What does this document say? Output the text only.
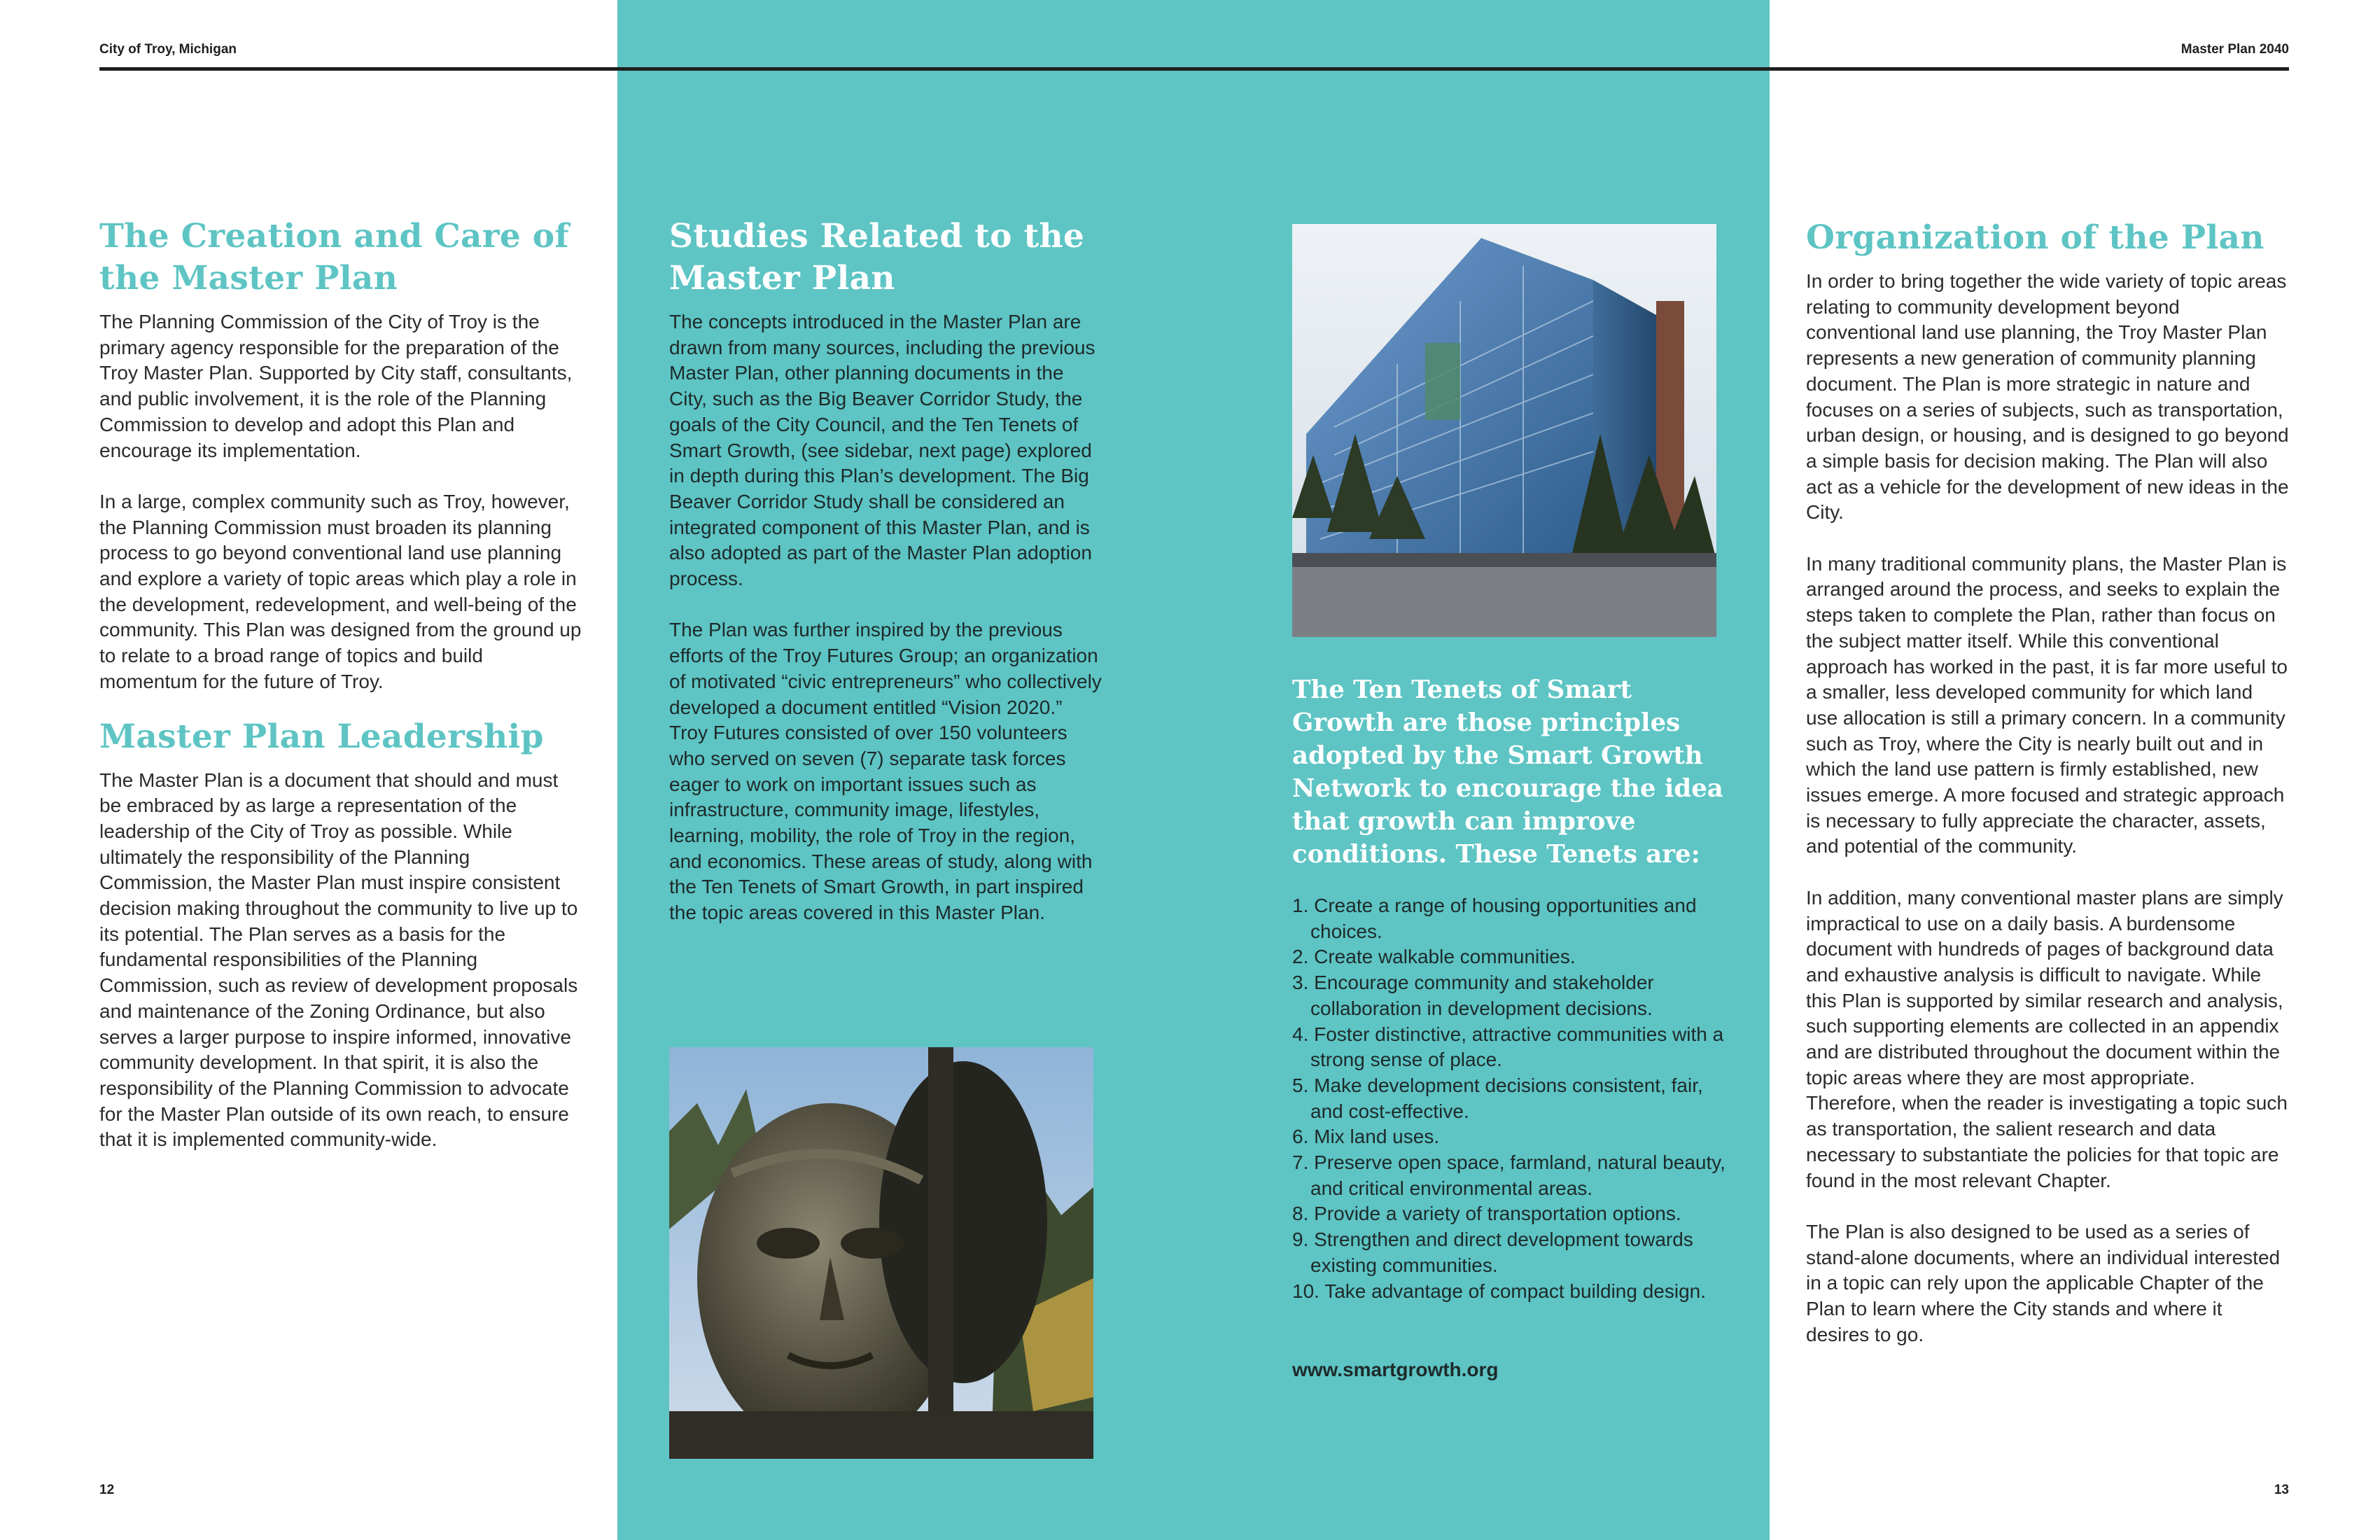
City of Troy, Michigan	Master Plan 2040
The Creation and Care of the Master Plan

The Planning Commission of the City of Troy is the primary agency responsible for the preparation of the Troy Master Plan. Supported by City staff, consultants, and public involvement, it is the role of the Planning Commission to develop and adopt this Plan and encourage its implementation.

In a large, complex community such as Troy, however, the Planning Commission must broaden its planning process to go beyond conventional land use planning and explore a variety of topic areas which play a role in the development, redevelopment, and well-being of the community. This Plan was designed from the ground up to relate to a broad range of topics and build momentum for the future of Troy.

Master Plan Leadership

The Master Plan is a document that should and must be embraced by as large a representation of the leadership of the City of Troy as possible. While ultimately the responsibility of the Planning Commission, the Master Plan must inspire consistent decision making throughout the community to live up to its potential. The Plan serves as a basis for the fundamental responsibilities of the Planning Commission, such as review of development proposals and maintenance of the Zoning Ordinance, but also serves a larger purpose to inspire informed, innovative community development. In that spirit, it is also the responsibility of the Planning Commission to advocate for the Master Plan outside of its own reach, to ensure that it is implemented community-wide.

Studies Related to the Master Plan

The concepts introduced in the Master Plan are drawn from many sources, including the previous Master Plan, other planning documents in the City, such as the Big Beaver Corridor Study, the goals of the City Council, and the Ten Tenets of Smart Growth, (see sidebar, next page) explored in depth during this Plan’s development. The Big Beaver Corridor Study shall be considered an integrated component of this Master Plan, and is also adopted as part of the Master Plan adoption process.

The Plan was further inspired by the previous efforts of the Troy Futures Group; an organization of motivated “civic entrepreneurs” who collectively developed a document entitled “Vision 2020.” Troy Futures consisted of over 150 volunteers who served on seven (7) separate task forces eager to work on important issues such as infrastructure, community image, lifestyles, learning, mobility, the role of Troy in the region, and economics. These areas of study, along with the Ten Tenets of Smart Growth, in part inspired the topic areas covered in this Master Plan.

The Ten Tenets of Smart Growth are those principles adopted by the Smart Growth Network to encourage the idea that growth can improve conditions. These Tenets are:
1. Create a range of housing opportunities and choices.
2. Create walkable communities.
3. Encourage community and stakeholder collaboration in development decisions.
4. Foster distinctive, attractive communities with a strong sense of place.
5. Make development decisions consistent, fair, and cost-effective.
6. Mix land uses.
7. Preserve open space, farmland, natural beauty, and critical environmental areas.
8. Provide a variety of transportation options.
9. Strengthen and direct development towards existing communities.
10. Take advantage of compact building design.
www.smartgrowth.org
Organization of the Plan

In order to bring together the wide variety of topic areas relating to community development beyond conventional land use planning, the Troy Master Plan represents a new generation of community planning document. The Plan is more strategic in nature and focuses on a series of subjects, such as transportation, urban design, or housing, and is designed to go beyond a simple basis for decision making. The Plan will also act as a vehicle for the development of new ideas in the City.

In many traditional community plans, the Master Plan is arranged around the process, and seeks to explain the steps taken to complete the Plan, rather than focus on the subject matter itself. While this conventional approach has worked in the past, it is far more useful to a smaller, less developed community for which land use allocation is still a primary concern. In a community such as Troy, where the City is nearly built out and in which the land use pattern is firmly established, new issues emerge. A more focused and strategic approach is necessary to fully appreciate the character, assets, and potential of the community.

In addition, many conventional master plans are simply impractical to use on a daily basis. A burdensome document with hundreds of pages of background data and exhaustive analysis is difficult to navigate. While this Plan is supported by similar research and analysis, such supporting elements are collected in an appendix and are distributed throughout the document within the topic areas where they are most appropriate. Therefore, when the reader is investigating a topic such as transportation, the salient research and data necessary to substantiate the policies for that topic are found in the most relevant Chapter.

The Plan is also designed to be used as a series of stand-alone documents, where an individual interested in a topic can rely upon the applicable Chapter of the Plan to learn where the City stands and where it desires to go.

12	13
